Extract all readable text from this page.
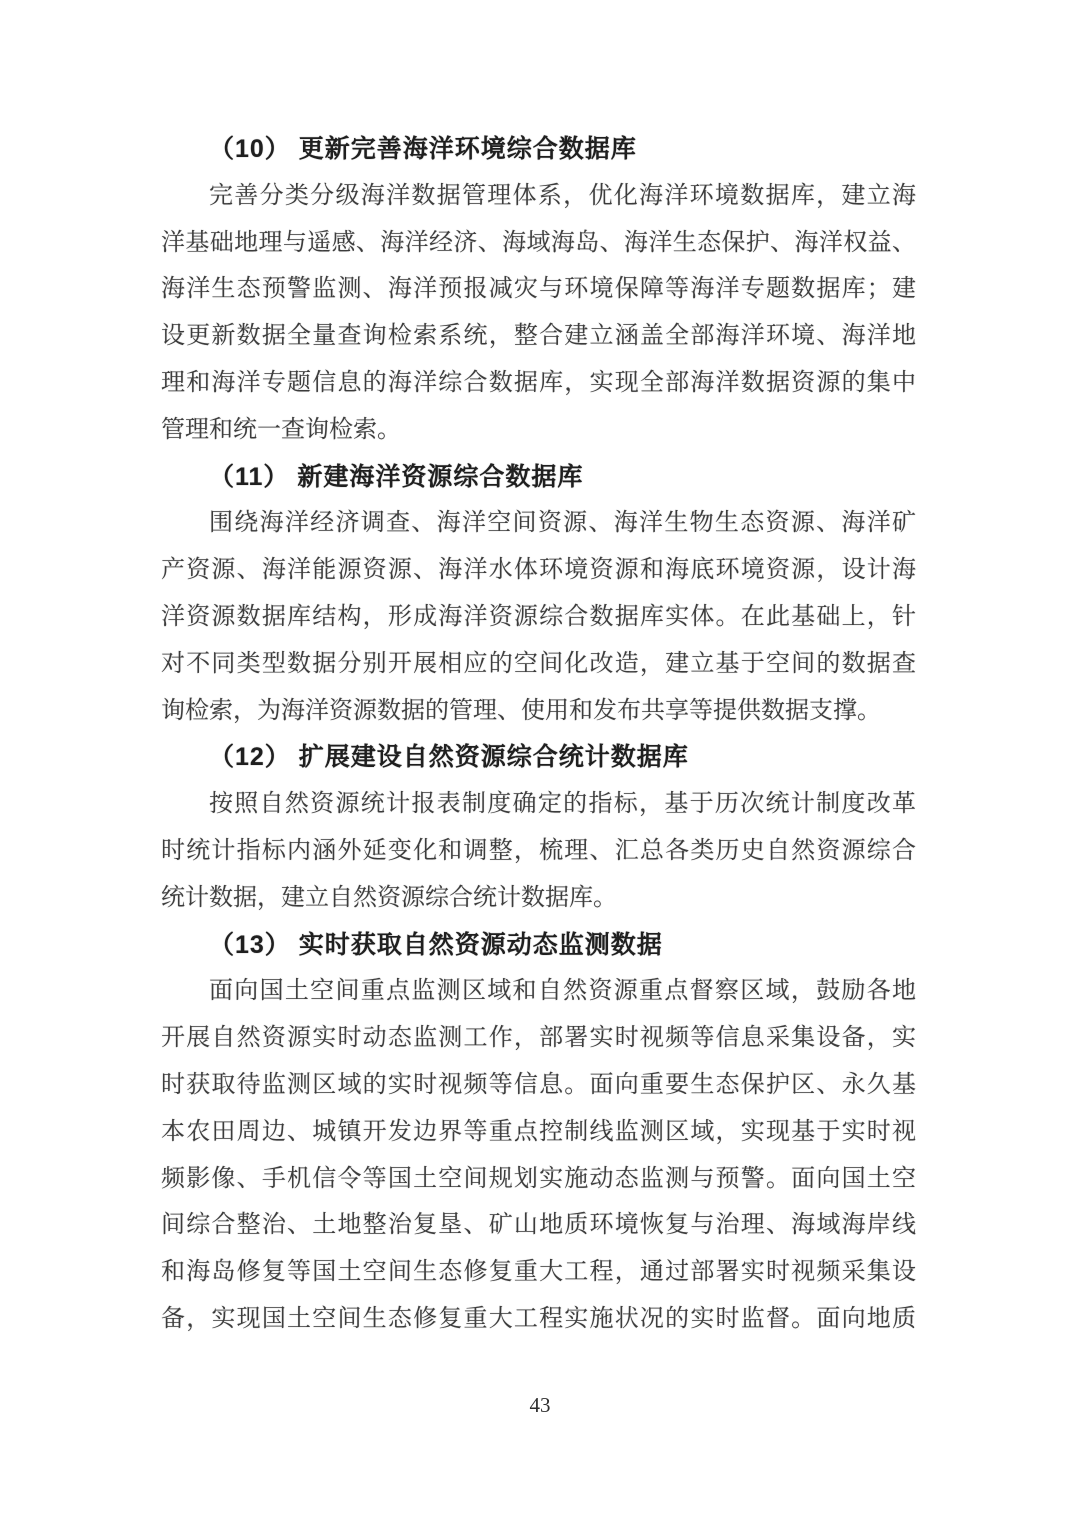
（10） 更新完善海洋环境综合数据库
完善分类分级海洋数据管理体系，优化海洋环境数据库，建立海
洋基础地理与遥感、海洋经济、海域海岛、海洋生态保护、海洋权益、
海洋生态预警监测、海洋预报减灾与环境保障等海洋专题数据库；建
设更新数据全量查询检索系统，整合建立涵盖全部海洋环境、海洋地
理和海洋专题信息的海洋综合数据库，实现全部海洋数据资源的集中
管理和统一查询检索。
（11） 新建海洋资源综合数据库
围绕海洋经济调查、海洋空间资源、海洋生物生态资源、海洋矿
产资源、海洋能源资源、海洋水体环境资源和海底环境资源，设计海
洋资源数据库结构，形成海洋资源综合数据库实体。在此基础上，针
对不同类型数据分别开展相应的空间化改造，建立基于空间的数据查
询检索，为海洋资源数据的管理、使用和发布共享等提供数据支撑。
（12） 扩展建设自然资源综合统计数据库
按照自然资源统计报表制度确定的指标，基于历次统计制度改革
时统计指标内涵外延变化和调整，梳理、汇总各类历史自然资源综合
统计数据，建立自然资源综合统计数据库。
（13） 实时获取自然资源动态监测数据
面向国土空间重点监测区域和自然资源重点督察区域，鼓励各地
开展自然资源实时动态监测工作，部署实时视频等信息采集设备，实
时获取待监测区域的实时视频等信息。面向重要生态保护区、永久基
本农田周边、城镇开发边界等重点控制线监测区域，实现基于实时视
频影像、手机信令等国土空间规划实施动态监测与预警。面向国土空
间综合整治、土地整治复垦、矿山地质环境恢复与治理、海域海岸线
和海岛修复等国土空间生态修复重大工程，通过部署实时视频采集设
备，实现国土空间生态修复重大工程实施状况的实时监督。面向地质
43
